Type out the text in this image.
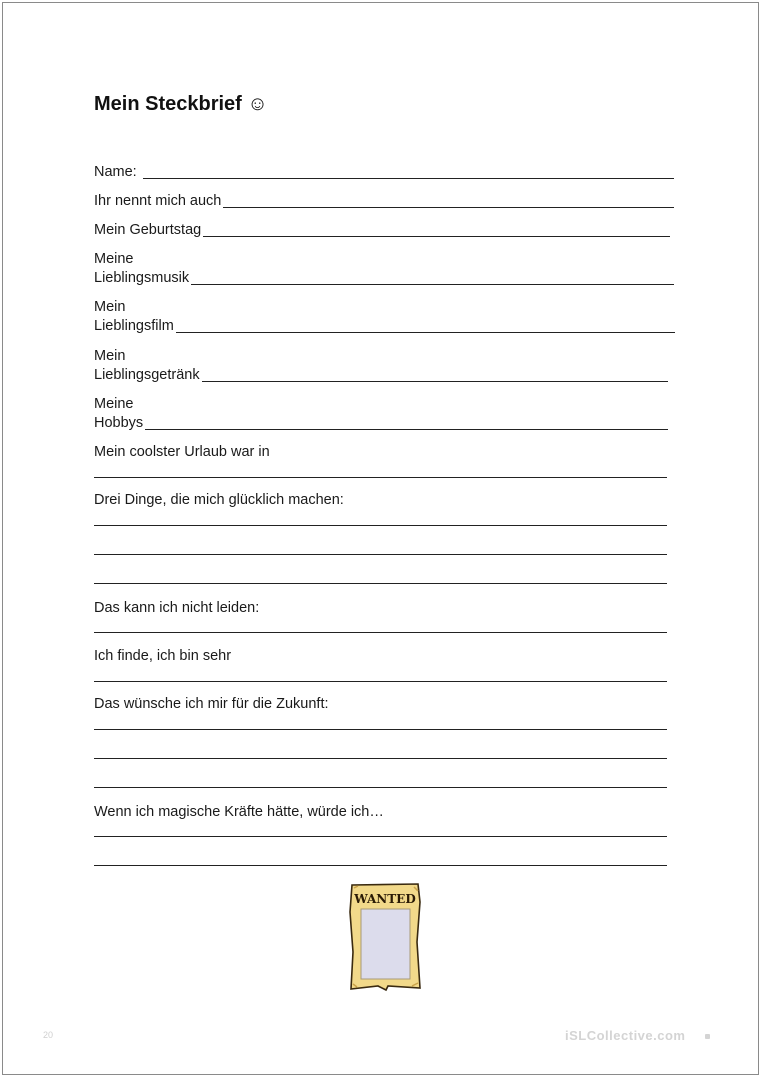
Mein Steckbrief ☺
Name:
Ihr nennt mich auch
Mein Geburtstag
Meine
Lieblingsmusik
Mein
Lieblingsfilm
Mein
Lieblingsgetränk
Meine
Hobbys
Mein coolster Urlaub war in
Drei Dinge, die mich glücklich machen:
Das kann ich nicht leiden:
Ich finde, ich bin sehr
Das wünsche ich mir für die Zukunft:
Wenn ich magische Kräfte hätte, würde ich…
WANTED
20	iSLCollective.com
